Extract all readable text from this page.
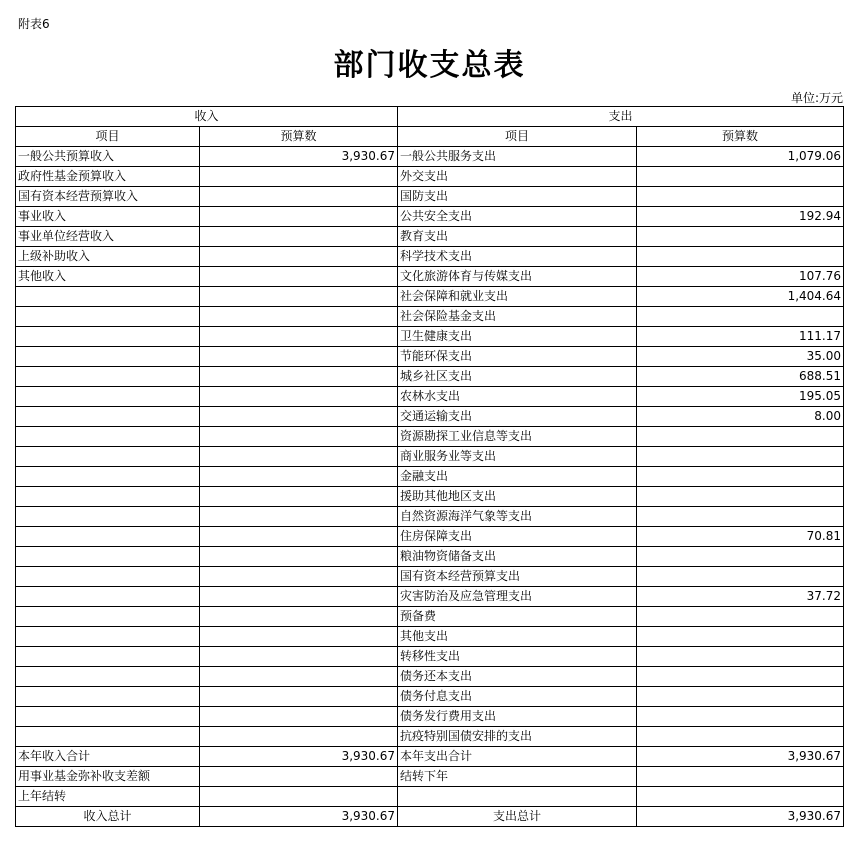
附表6
部门收支总表
单位:万元
收入		支出	
项目	预算数	项目	预算数
一般公共预算收入	3,930.67	一般公共服务支出	1,079.06
政府性基金预算收入		外交支出	
国有资本经营预算收入		国防支出	
事业收入		公共安全支出	192.94
事业单位经营收入		教育支出	
上级补助收入		科学技术支出	
其他收入		文化旅游体育与传媒支出	107.76
		社会保障和就业支出	1,404.64
		社会保险基金支出	
		卫生健康支出	111.17
		节能环保支出	35.00
		城乡社区支出	688.51
		农林水支出	195.05
		交通运输支出	8.00
		资源勘探工业信息等支出	
		商业服务业等支出	
		金融支出	
		援助其他地区支出	
		自然资源海洋气象等支出	
		住房保障支出	70.81
		粮油物资储备支出	
		国有资本经营预算支出	
		灾害防治及应急管理支出	37.72
		预备费	
		其他支出	
		转移性支出	
		债务还本支出	
		债务付息支出	
		债务发行费用支出	
		抗疫特别国债安排的支出	
本年收入合计	3,930.67	本年支出合计	3,930.67
用事业基金弥补收支差额		结转下年	
上年结转			
收入总计	3,930.67	支出总计	3,930.67
